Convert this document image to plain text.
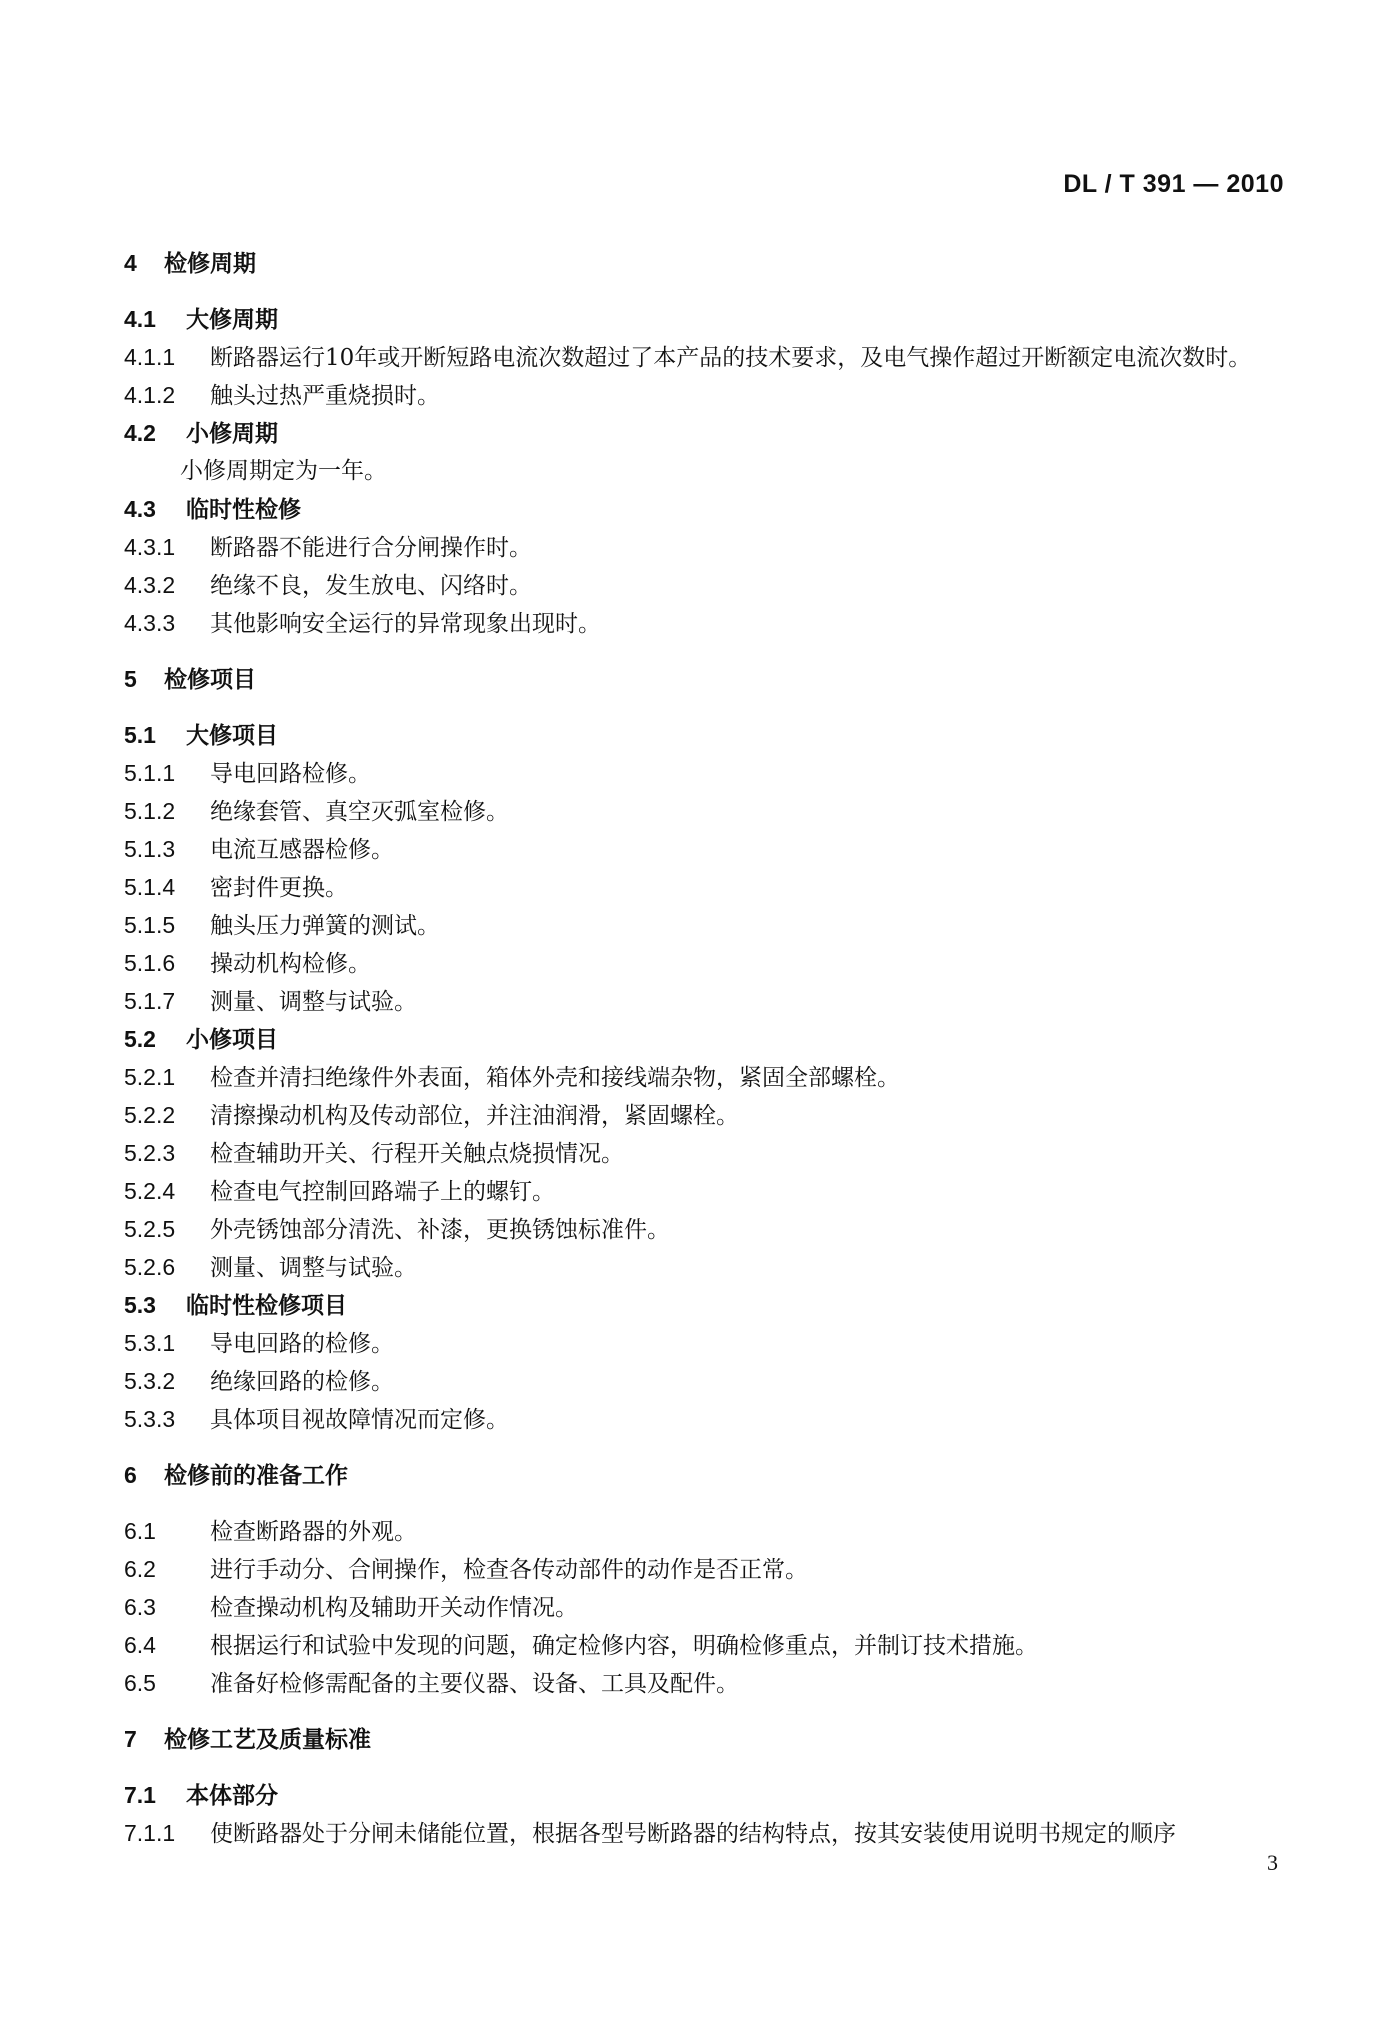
DL / T 391 — 2010
4 检修周期
4.1 大修周期
4.1.1 断路器运行10年或开断短路电流次数超过了本产品的技术要求，及电气操作超过开断额定电流次数时。
4.1.2 触头过热严重烧损时。
4.2 小修周期
小修周期定为一年。
4.3 临时性检修
4.3.1 断路器不能进行合分闸操作时。
4.3.2 绝缘不良，发生放电、闪络时。
4.3.3 其他影响安全运行的异常现象出现时。
5 检修项目
5.1 大修项目
5.1.1 导电回路检修。
5.1.2 绝缘套管、真空灭弧室检修。
5.1.3 电流互感器检修。
5.1.4 密封件更换。
5.1.5 触头压力弹簧的测试。
5.1.6 操动机构检修。
5.1.7 测量、调整与试验。
5.2 小修项目
5.2.1 检查并清扫绝缘件外表面，箱体外壳和接线端杂物，紧固全部螺栓。
5.2.2 清擦操动机构及传动部位，并注油润滑，紧固螺栓。
5.2.3 检查辅助开关、行程开关触点烧损情况。
5.2.4 检查电气控制回路端子上的螺钉。
5.2.5 外壳锈蚀部分清洗、补漆，更换锈蚀标准件。
5.2.6 测量、调整与试验。
5.3 临时性检修项目
5.3.1 导电回路的检修。
5.3.2 绝缘回路的检修。
5.3.3 具体项目视故障情况而定修。
6 检修前的准备工作
6.1 检查断路器的外观。
6.2 进行手动分、合闸操作，检查各传动部件的动作是否正常。
6.3 检查操动机构及辅助开关动作情况。
6.4 根据运行和试验中发现的问题，确定检修内容，明确检修重点，并制订技术措施。
6.5 准备好检修需配备的主要仪器、设备、工具及配件。
7 检修工艺及质量标准
7.1 本体部分
7.1.1 使断路器处于分闸未储能位置，根据各型号断路器的结构特点，按其安装使用说明书规定的顺序
3
